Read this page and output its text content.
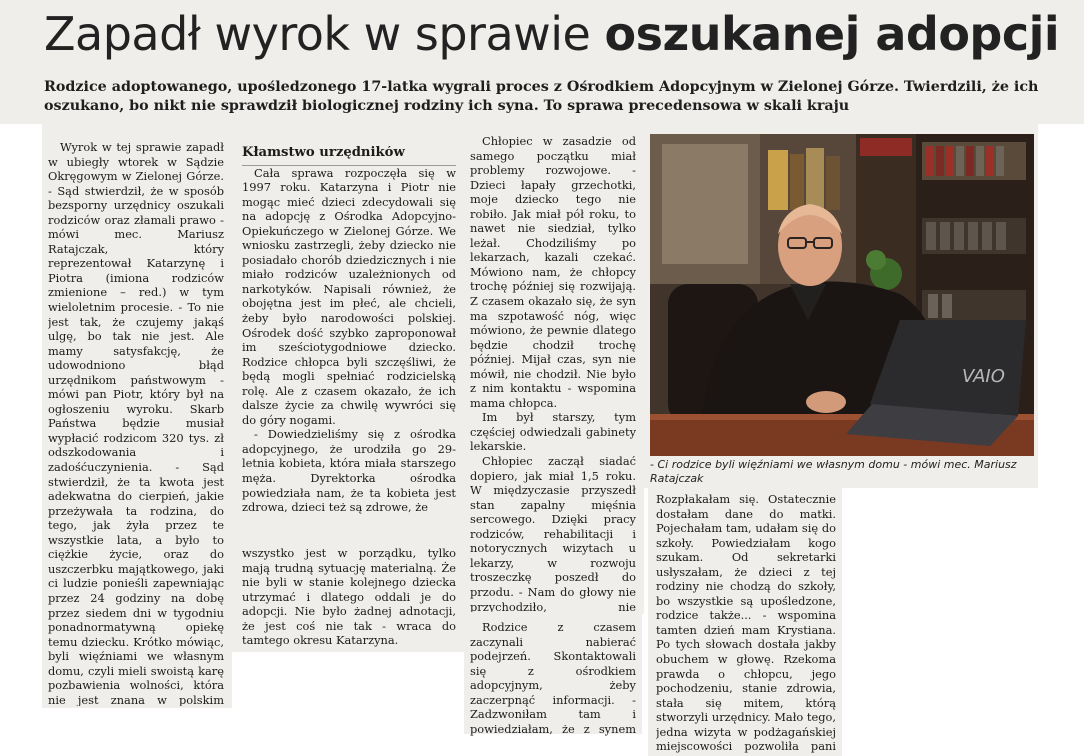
Zapadł wyrok w sprawie oszukanej adopcji
Rodzice adoptowanego, upośledzonego 17-latka wygrali proces z Ośrodkiem Adopcyjnym w Zielonej Górze. Twierdzili, że ich oszukano, bo nikt nie sprawdził biologicznej rodziny ich syna. To sprawa precedensowa w skali kraju

Wyrok w tej sprawie zapadł w ubiegły wtorek w Sądzie Okręgowym w Zielonej Górze. - Sąd stwierdził, że w sposób bezsporny urzędnicy oszukali rodziców oraz złamali prawo - mówi mec. Mariusz Ratajczak, który reprezentował Katarzynę i Piotra (imiona rodziców zmienione – red.) w tym wieloletnim procesie. - To nie jest tak, że czujemy jakąś ulgę, bo tak nie jest. Ale mamy satysfakcję, że udowodniono błąd urzędnikom państwowym - mówi pan Piotr, który był na ogłoszeniu wyroku. Skarb Państwa będzie musiał wypłacić rodzicom 320 tys. zł odszkodowania i zadośćuczynienia. - Sąd stwierdził, że ta kwota jest adekwatna do cierpień, jakie przeżywała ta rodzina, do tego, jak żyła przez te wszystkie lata, a było to ciężkie życie, oraz do uszczerbku majątkowego, jaki ci ludzie ponieśli zapewniając przez 24 godziny na dobę przez siedem dni w tygodniu ponadnormatywną opiekę temu dziecku. Krótko mówiąc, byli więźniami we własnym domu, czyli mieli swoistą karę pozbawienia wolności, która nie jest znana w polskim

Kłamstwo urzędników

Cała sprawa rozpoczęła się w 1997 roku. Katarzyna i Piotr nie mogąc mieć dzieci zdecydowali się na adopcję z Ośrodka Adopcyjno-Opiekuńczego w Zielonej Górze. We wniosku zastrzegli, żeby dziecko nie posiadało chorób dziedzicznych i nie miało rodziców uzależnionych od narkotyków. Napisali również, że obojętna jest im płeć, ale chcieli, żeby było narodowości polskiej. Ośrodek dość szybko zaproponował im sześciotygodniowe dziecko. Rodzice chłopca byli szczęśliwi, że będą mogli spełniać rodzicielską rolę. Ale z czasem okazało, że ich dalsze życie za chwilę wywróci się do góry nogami.

- Dowiedzieliśmy się z ośrodka adopcyjnego, że urodziła go 29-letnia kobieta, która miała starszego męża. Dyrektorka ośrodka powiedziała nam, że ta kobieta jest zdrowa, dzieci też są zdrowe, że

wszystko jest w porządku, tylko mają trudną sytuację materialną. Że nie byli w stanie kolejnego dziecka utrzymać i dlatego oddali je do adopcji. Nie było żadnej adnotacji, że jest coś nie tak - wraca do tamtego okresu Katarzyna.

Chłopiec w zasadzie od samego początku miał problemy rozwojowe. - Dzieci łapały grzechotki, moje dziecko tego nie robiło. Jak miał pół roku, to nawet nie siedział, tylko leżał. Chodziliśmy po lekarzach, kazali czekać. Mówiono nam, że chłopcy trochę później się rozwijają. Z czasem okazało się, że syn ma szpotawość nóg, więc mówiono, że pewnie dlatego będzie chodził trochę później. Mijał czas, syn nie mówił, nie chodził. Nie było z nim kontaktu - wspomina mama chłopca.

Im był starszy, tym częściej odwiedzali gabinety lekarskie.

Chłopiec zaczął siadać dopiero, jak miał 1,5 roku. W międzyczasie przyszedł stan zapalny mięśnia sercowego. Dzięki pracy rodziców, rehabilitacji i notorycznych wizytach u lekarzy, w rozwoju troszeczkę poszedł do przodu. - Nam do głowy nie przychodziło, nie

Rodzice z czasem zaczynali nabierać podejrzeń. Skontaktowali się z ośrodkiem adopcyjnym, żeby zaczerpnąć informacji. - Zadzwoniłam tam i powiedziałam, że z synem

VAIO
- Ci rodzice byli więźniami we własnym domu - mówi mec. Mariusz Ratajczak

Rozpłakałam się. Ostatecznie dostałam dane do matki. Pojechałam tam, udałam się do szkoły. Powiedziałam kogo szukam. Od sekretarki usłyszałam, że dzieci z tej rodziny nie chodzą do szkoły, bo wszystkie są upośledzone, rodzice także... - wspomina tamten dzień mam Krystiana. Po tych słowach dostała jakby obuchem w głowę. Rzekoma prawda o chłopcu, jego pochodzeniu, stanie zdrowia, stała się mitem, którą stworzyli urzędnicy. Mało tego, jedna wizyta w podżagańskiej miejscowości pozwoliła pani
